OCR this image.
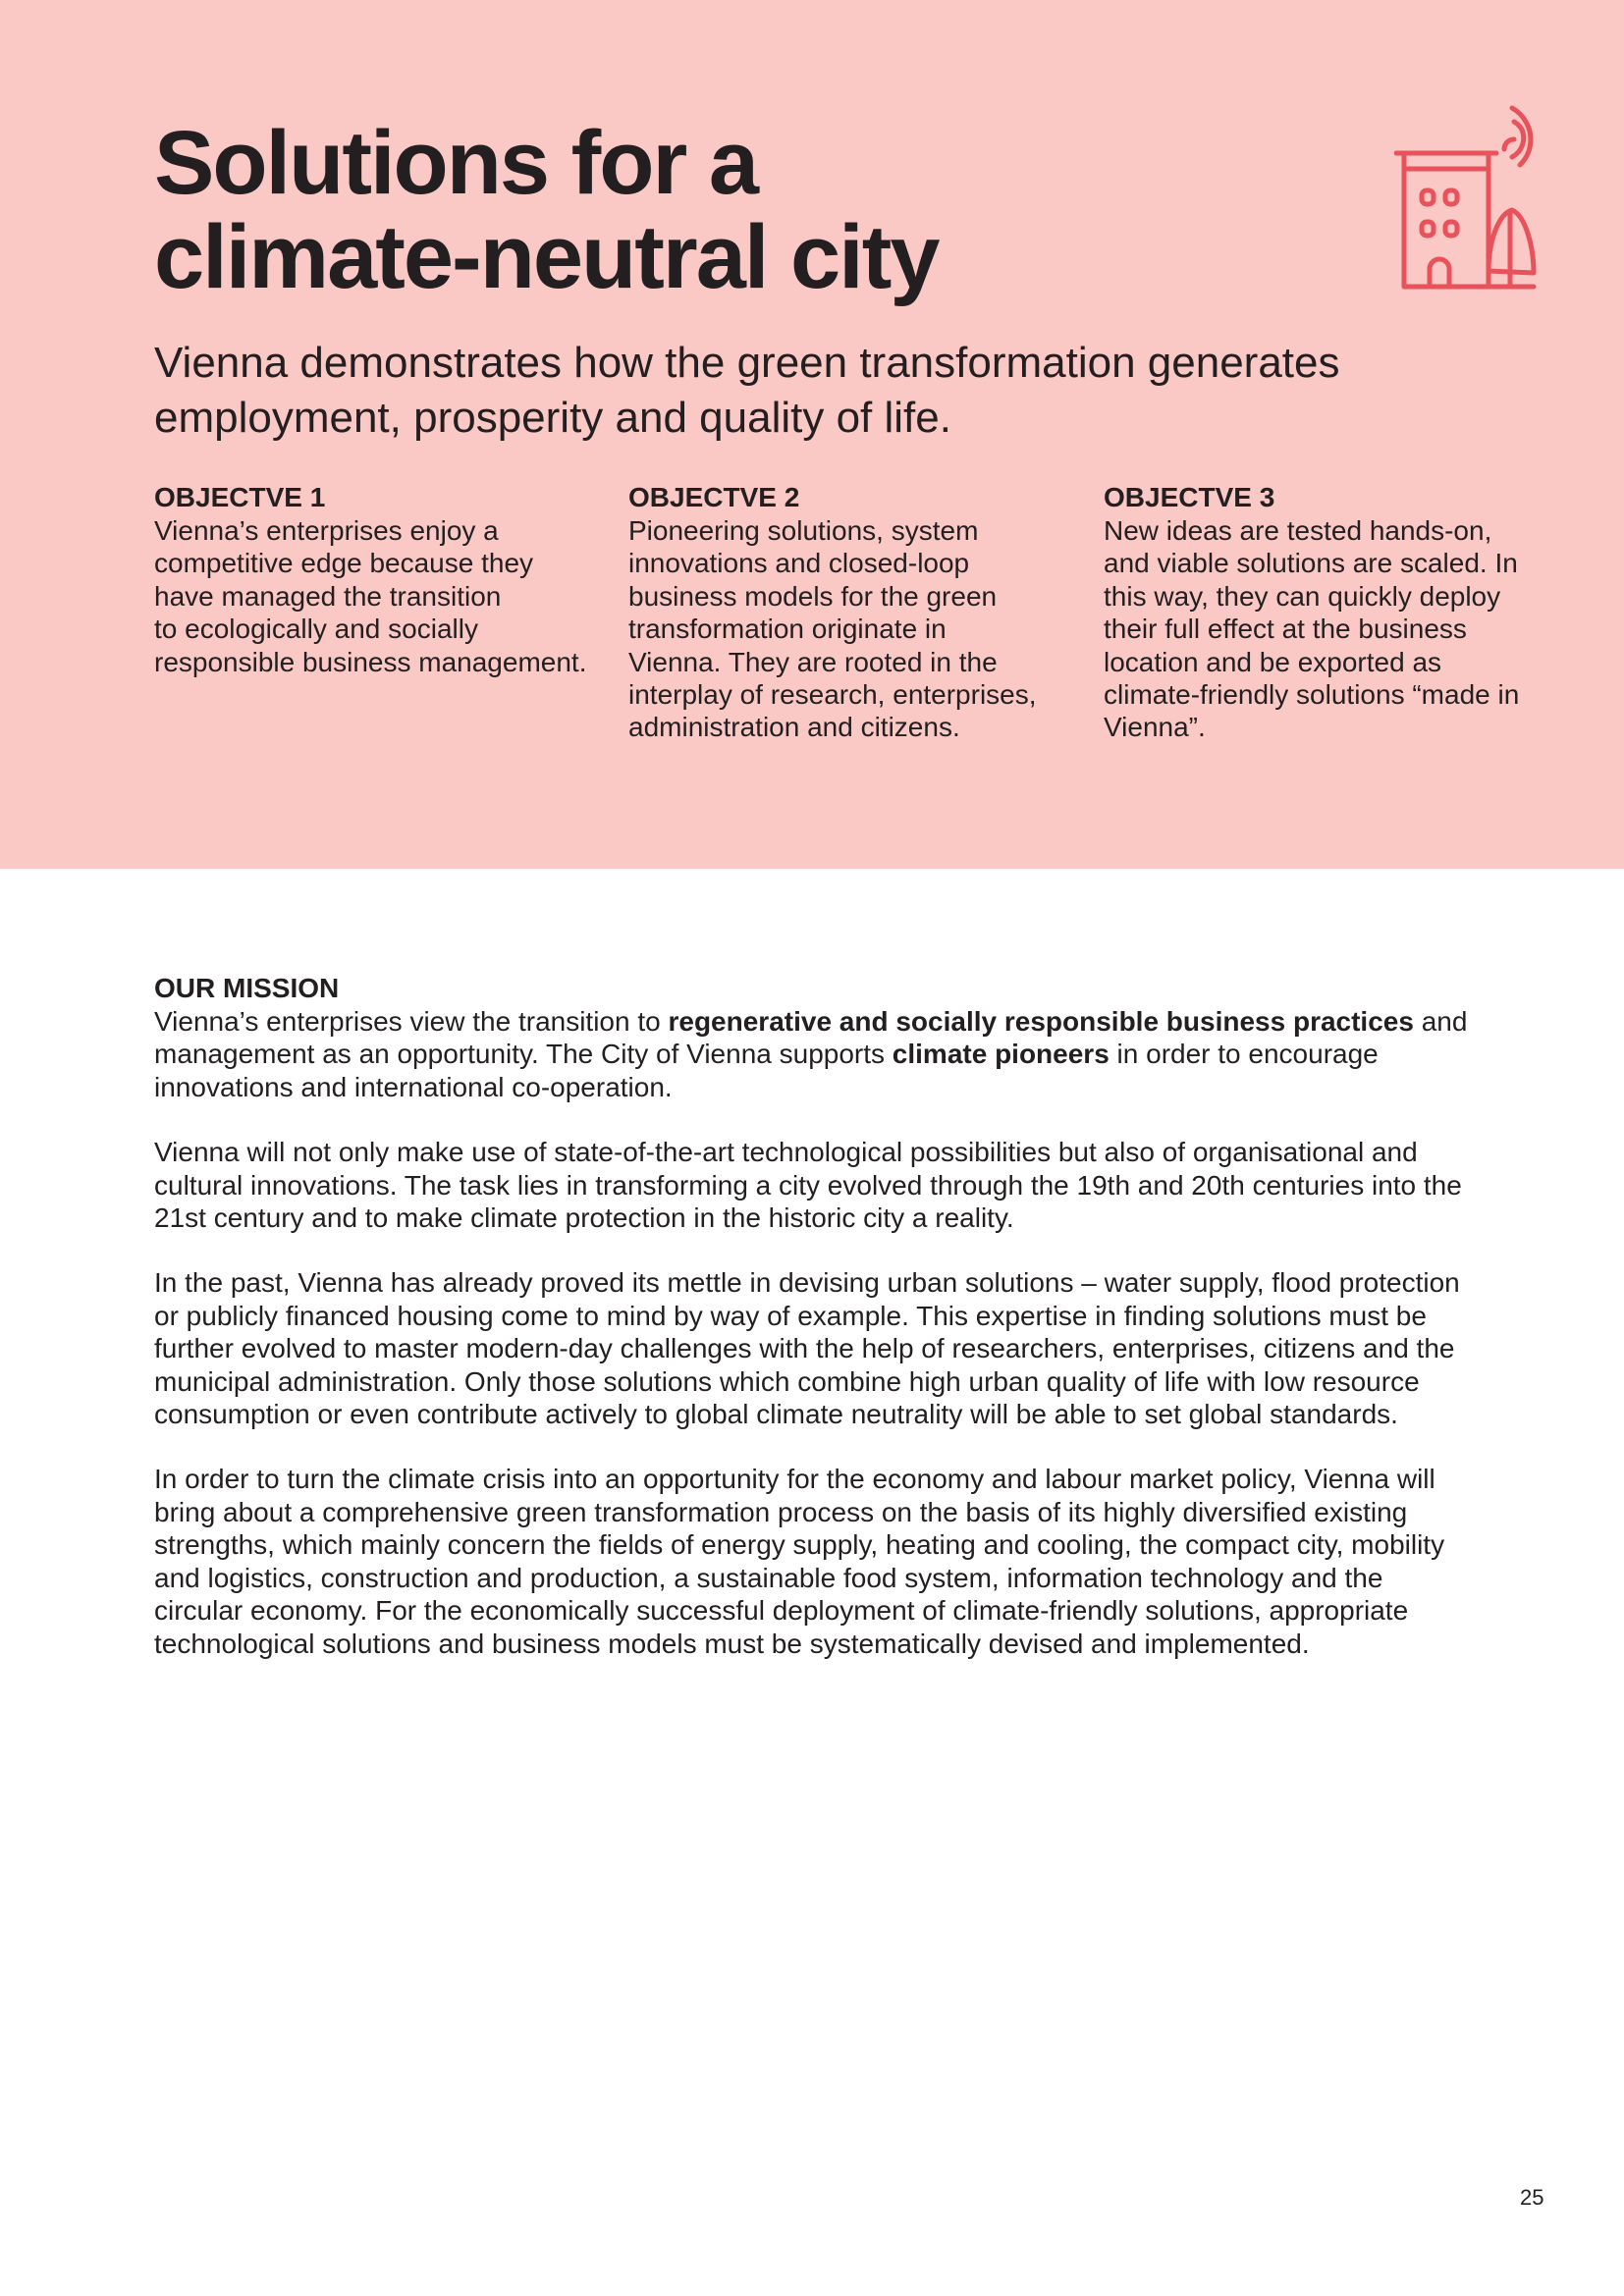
Solutions for a
climate-neutral city

Vienna demonstrates how the green transformation generates
employment, prosperity and quality of life.

OBJECTVE 1
Vienna’s enterprises enjoy a
competitive edge because they
have managed the transition
to ecologically and socially
responsible business management.
OBJECTVE 2
Pioneering solutions, system
innovations and closed-loop
business models for the green
transformation originate in
Vienna. They are rooted in the
interplay of research, enterprises,
administration and citizens.
OBJECTVE 3
New ideas are tested hands-on,
and viable solutions are scaled. In
this way, they can quickly deploy
their full effect at the business
location and be exported as
climate-friendly solutions “made in
Vienna”.
OUR MISSION

Vienna’s enterprises view the transition to regenerative and socially responsible business practices and
management as an opportunity. The City of Vienna supports climate pioneers in order to encourage
innovations and international co-operation.

Vienna will not only make use of state-of-the-art technological possibilities but also of organisational and
cultural innovations. The task lies in transforming a city evolved through the 19th and 20th centuries into the
21st century and to make climate protection in the historic city a reality.

In the past, Vienna has already proved its mettle in devising urban solutions – water supply, flood protection
or publicly financed housing come to mind by way of example. This expertise in finding solutions must be
further evolved to master modern-day challenges with the help of researchers, enterprises, citizens and the
municipal administration. Only those solutions which combine high urban quality of life with low resource
consumption or even contribute actively to global climate neutrality will be able to set global standards.

In order to turn the climate crisis into an opportunity for the economy and labour market policy, Vienna will
bring about a comprehensive green transformation process on the basis of its highly diversified existing
strengths, which mainly concern the fields of energy supply, heating and cooling, the compact city, mobility
and logistics, construction and production, a sustainable food system, information technology and the
circular economy. For the economically successful deployment of climate-friendly solutions, appropriate
technological solutions and business models must be systematically devised and implemented.

25
